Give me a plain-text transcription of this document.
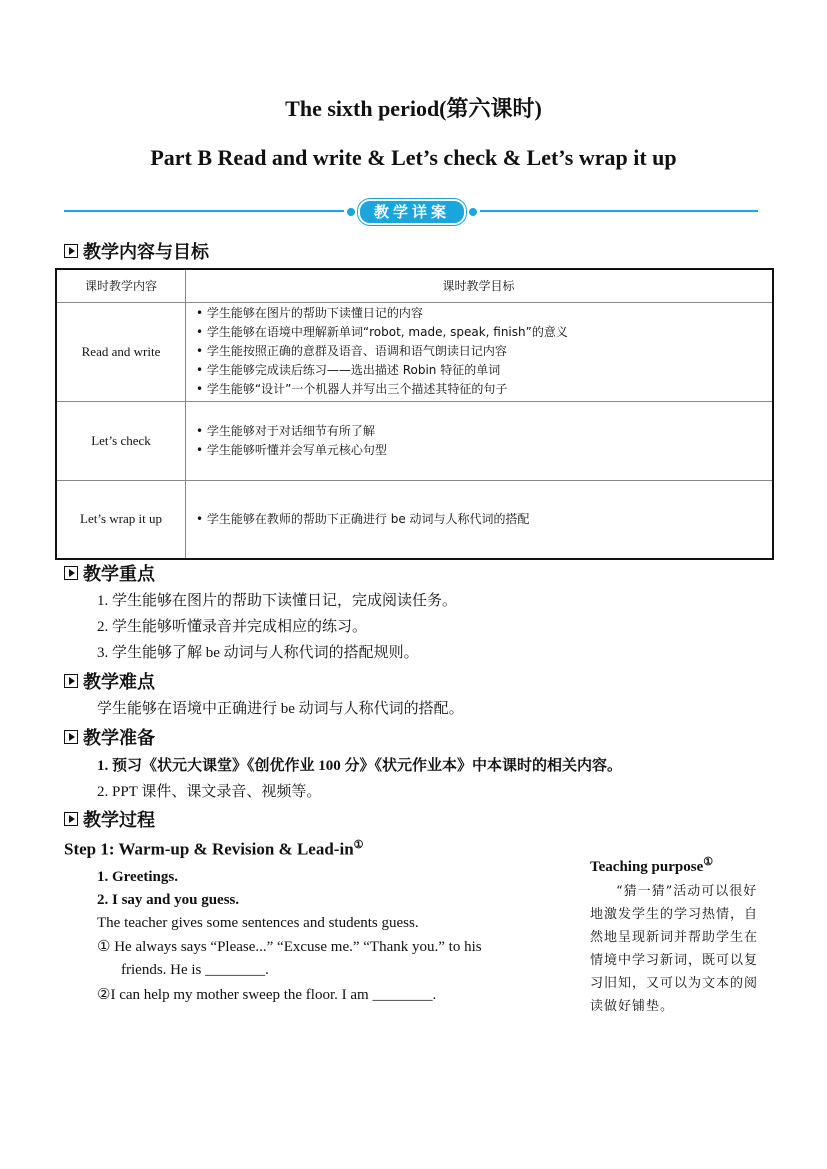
The sixth period(第六课时)
Part B Read and write & Let’s check & Let’s wrap it up
教学详案
教学内容与目标
课时教学内容	课时教学目标
Read and write	• 学生能够在图片的帮助下读懂日记的内容
• 学生能够在语境中理解新单词“robot, made, speak, finish”的意义
• 学生能按照正确的意群及语音、语调和语气朗读日记内容
• 学生能够完成读后练习——选出描述 Robin 特征的单词
• 学生能够“设计”一个机器人并写出三个描述其特征的句子

Let’s check	• 学生能够对于对话细节有所了解
• 学生能够听懂并会写单元核心句型

Let’s wrap it up	• 学生能够在教师的帮助下正确进行 be 动词与人称代词的搭配
教学重点
1. 学生能够在图片的帮助下读懂日记，完成阅读任务。
2. 学生能够听懂录音并完成相应的练习。
3. 学生能够了解 be 动词与人称代词的搭配规则。
教学难点
学生能够在语境中正确进行 be 动词与人称代词的搭配。
教学准备
1. 预习《状元大课堂》《创优作业 100 分》《状元作业本》中本课时的相关内容。
2. PPT 课件、课文录音、视频等。
教学过程
Step 1: Warm-up & Revision & Lead-in①
1. Greetings.
2. I say and you guess.
The teacher gives some sentences and students guess.
① He always says “Please...” “Excuse me.” “Thank you.” to his
friends. He is ________.
②I can help my mother sweep the floor. I am ________.
Teaching purpose①
“猜一猜”活动可以很好地激发学生的学习热情，自然地呈现新词并帮助学生在情境中学习新词，既可以复习旧知，又可以为文本的阅读做好铺垫。
